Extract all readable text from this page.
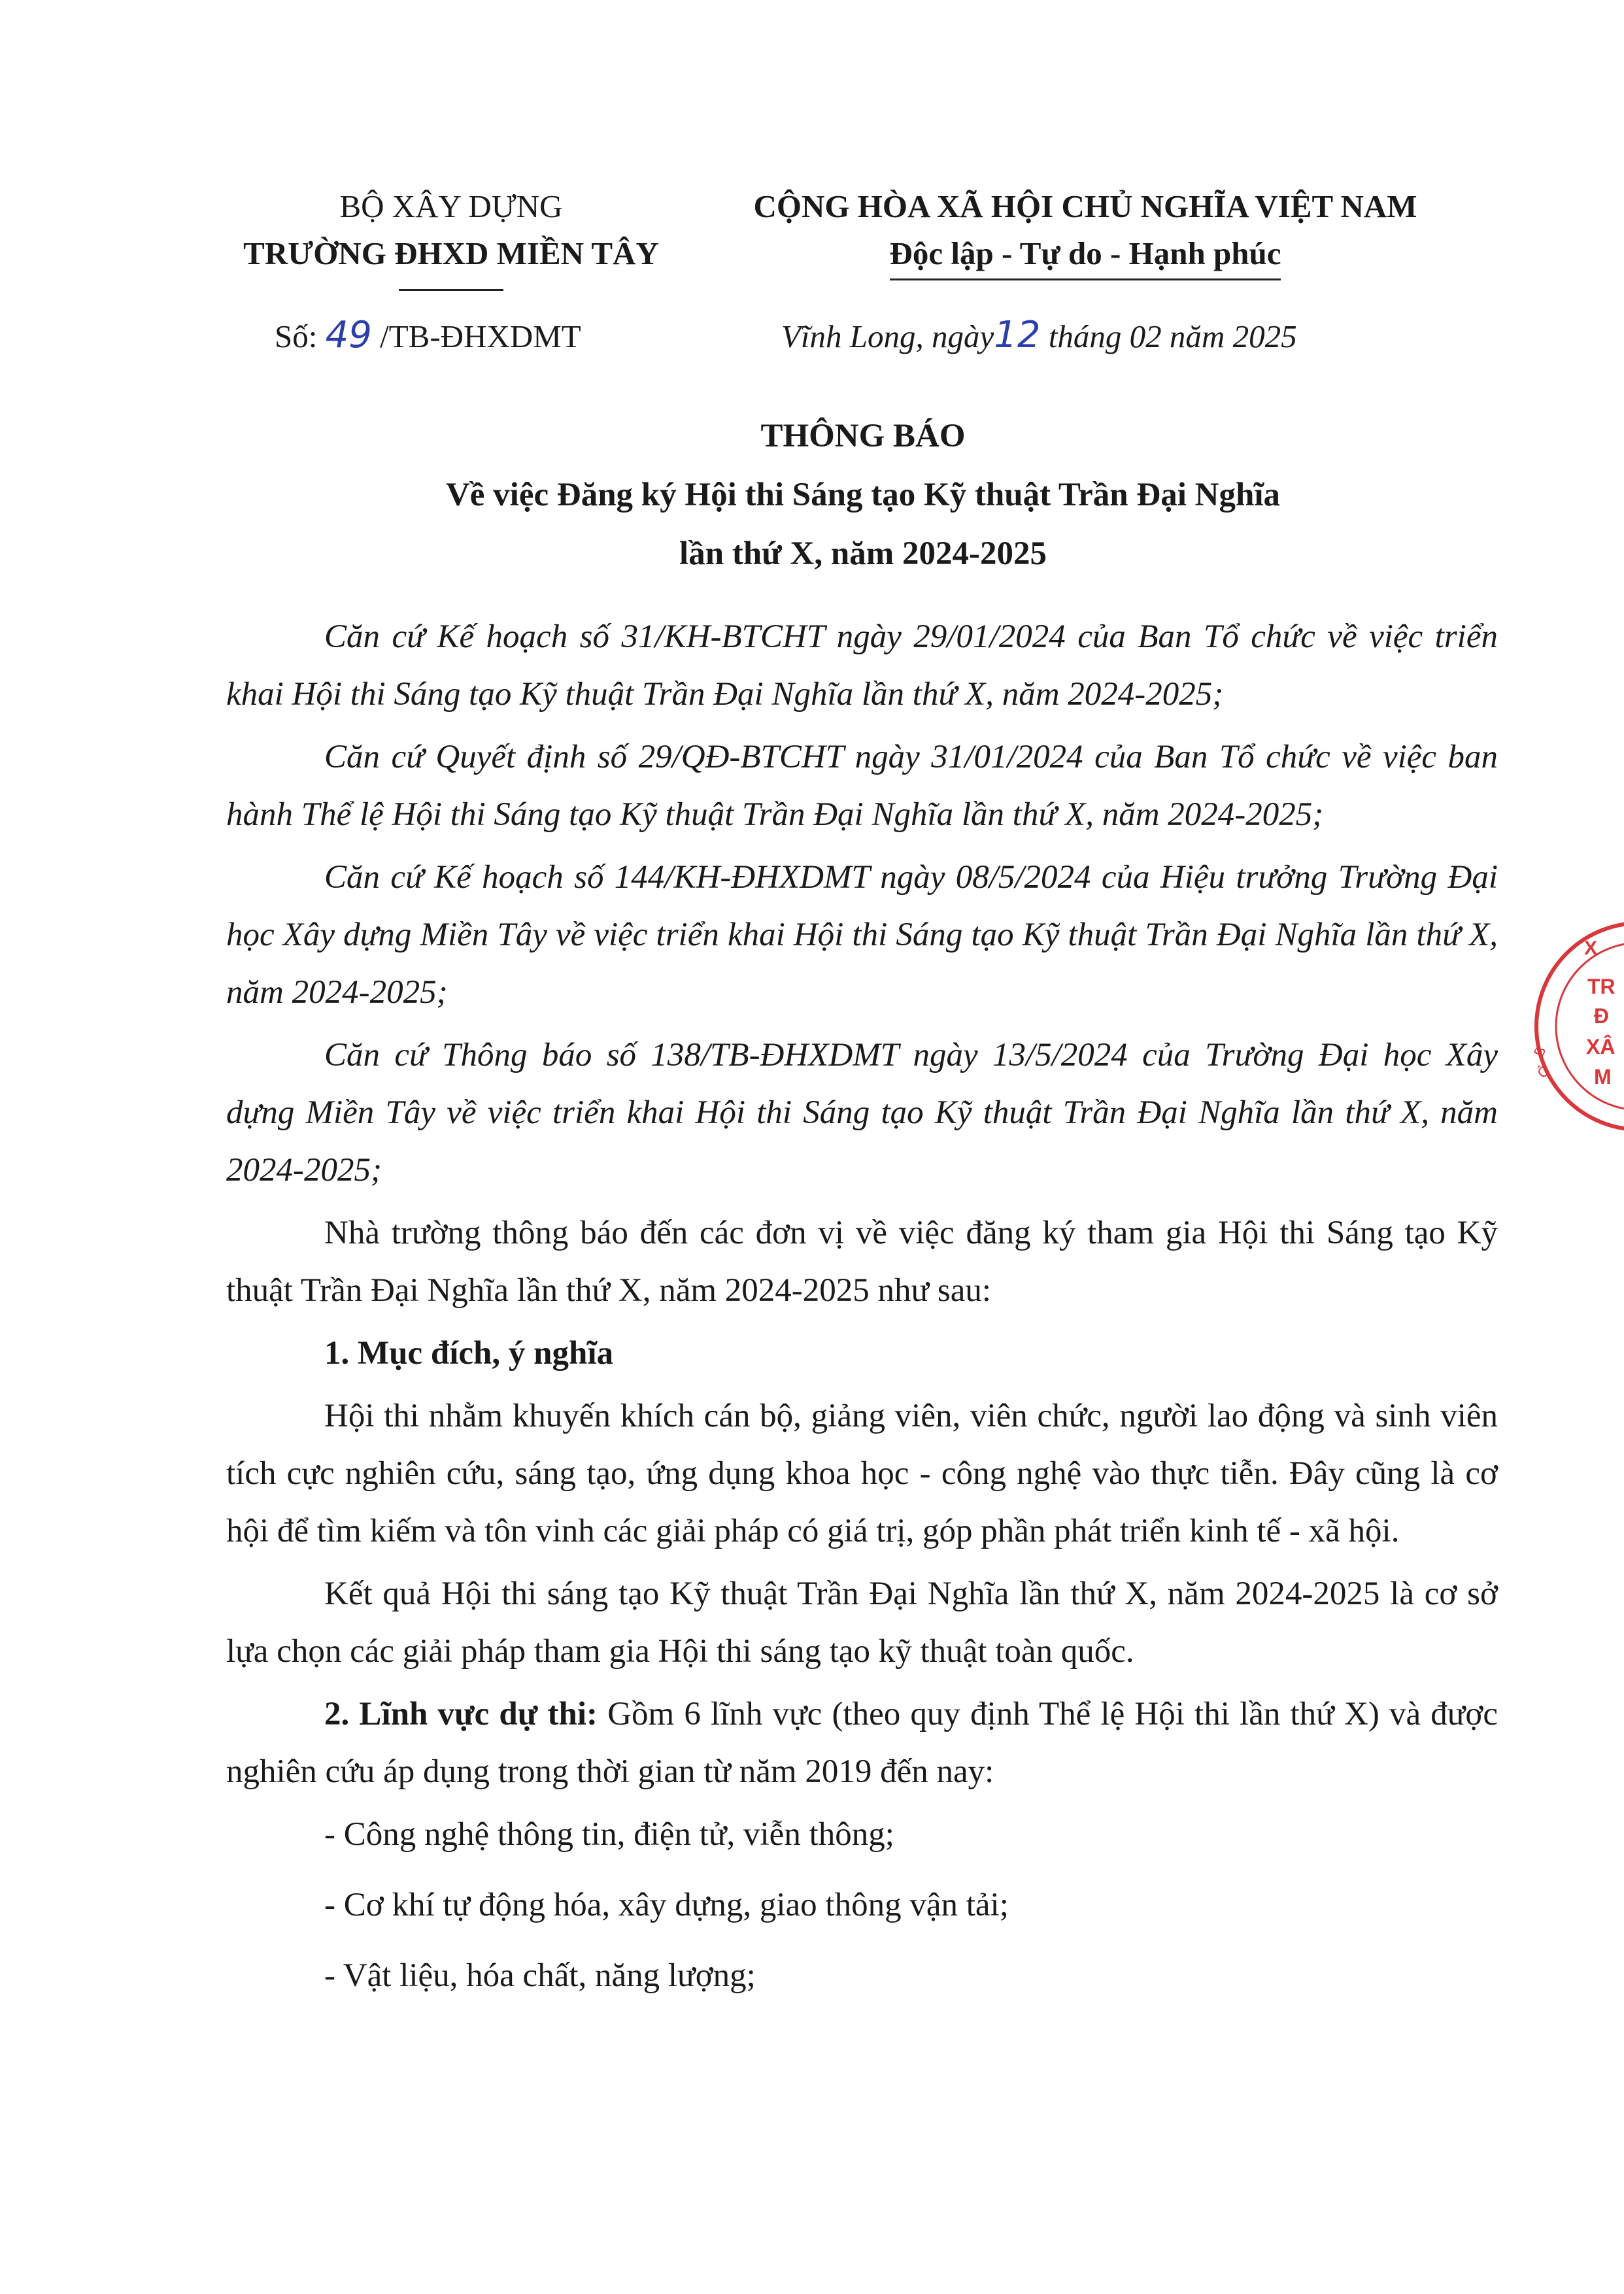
BỘ XÂY DỰNG
TRƯỜNG ĐHXD MIỀN TÂY
CỘNG HÒA XÃ HỘI CHỦ NGHĨA VIỆT NAM
Độc lập - Tự do - Hạnh phúc
Số: 49 /TB-ĐHXDMT	Vĩnh Long, ngày12 tháng 02 năm 2025
THÔNG BÁO
Về việc Đăng ký Hội thi Sáng tạo Kỹ thuật Trần Đại Nghĩa
lần thứ X, năm 2024-2025

Căn cứ Kế hoạch số 31/KH-BTCHT ngày 29/01/2024 của Ban Tổ chức về việc triển khai Hội thi Sáng tạo Kỹ thuật Trần Đại Nghĩa lần thứ X, năm 2024-2025;

Căn cứ Quyết định số 29/QĐ-BTCHT ngày 31/01/2024 của Ban Tổ chức về việc ban hành Thể lệ Hội thi Sáng tạo Kỹ thuật Trần Đại Nghĩa lần thứ X, năm 2024-2025;

Căn cứ Kế hoạch số 144/KH-ĐHXDMT ngày 08/5/2024 của Hiệu trưởng Trường Đại học Xây dựng Miền Tây về việc triển khai Hội thi Sáng tạo Kỹ thuật Trần Đại Nghĩa lần thứ X, năm 2024-2025;

Căn cứ Thông báo số 138/TB-ĐHXDMT ngày 13/5/2024 của Trường Đại học Xây dựng Miền Tây về việc triển khai Hội thi Sáng tạo Kỹ thuật Trần Đại Nghĩa lần thứ X, năm 2024-2025;

Nhà trường thông báo đến các đơn vị về việc đăng ký tham gia Hội thi Sáng tạo Kỹ thuật Trần Đại Nghĩa lần thứ X, năm 2024-2025 như sau:

1. Mục đích, ý nghĩa

Hội thi nhằm khuyến khích cán bộ, giảng viên, viên chức, người lao động và sinh viên tích cực nghiên cứu, sáng tạo, ứng dụng khoa học - công nghệ vào thực tiễn. Đây cũng là cơ hội để tìm kiếm và tôn vinh các giải pháp có giá trị, góp phần phát triển kinh tế - xã hội.

Kết quả Hội thi sáng tạo Kỹ thuật Trần Đại Nghĩa lần thứ X, năm 2024-2025 là cơ sở lựa chọn các giải pháp tham gia Hội thi sáng tạo kỹ thuật toàn quốc.

2. Lĩnh vực dự thi: Gồm 6 lĩnh vực (theo quy định Thể lệ Hội thi lần thứ X) và được nghiên cứu áp dụng trong thời gian từ năm 2019 đến nay:

- Công nghệ thông tin, điện tử, viễn thông;

- Cơ khí tự động hóa, xây dựng, giao thông vận tải;

- Vật liệu, hóa chất, năng lượng;

X
TR
Đ
XÂ
M
B
Ộ
